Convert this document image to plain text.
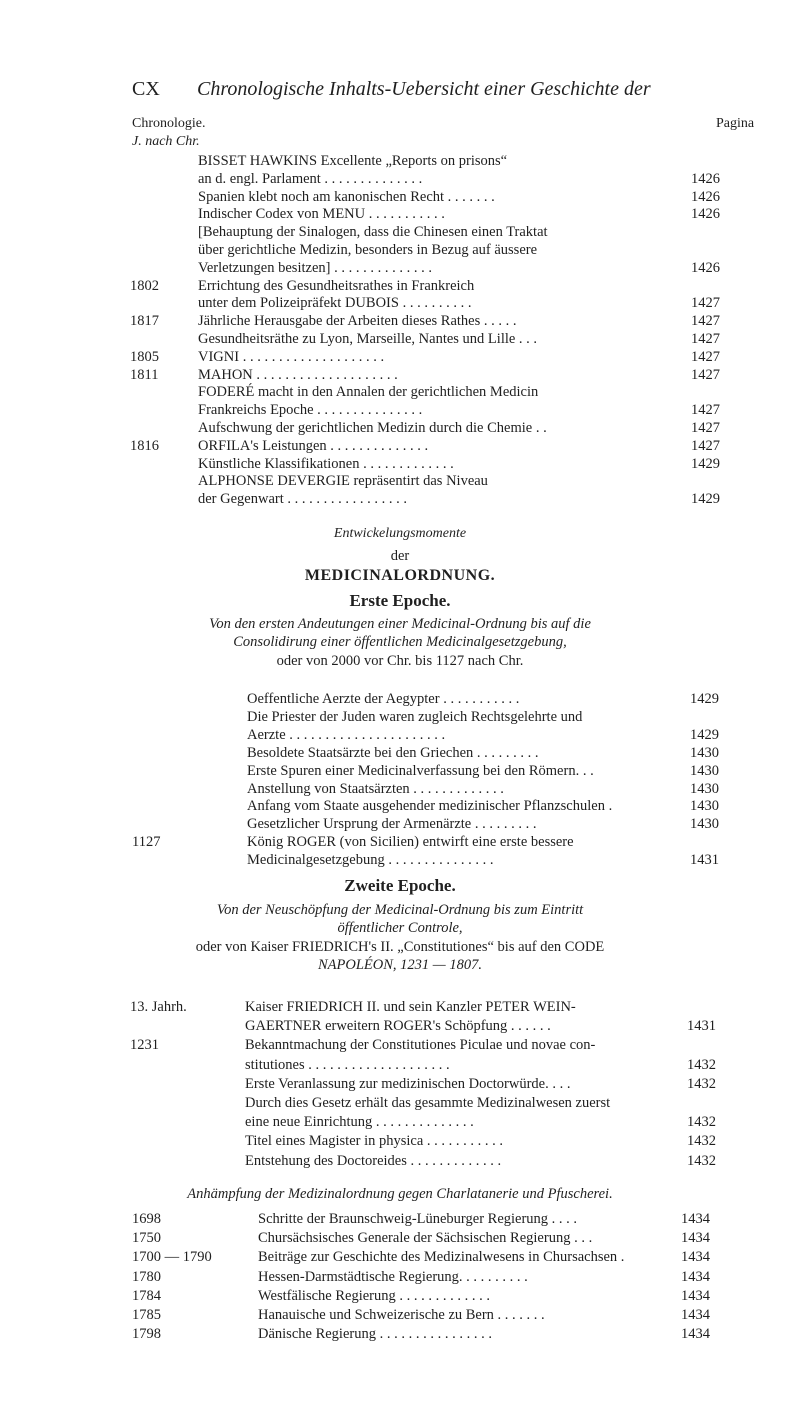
CX Chronologische Inhalts-Uebersicht einer Geschichte der
Chronologie.
J. nach Chr.
Pagina
BISSET HAWKINS Excellente „Reports on prisons“
an d. engl. Parlament . . . . . . . . . . . . . .	1426
Spanien klebt noch am kanonischen Recht . . . . . . .	1426
Indischer Codex von MENU . . . . . . . . . . .	1426
[Behauptung der Sinalogen, dass die Chinesen einen Traktat
über gerichtliche Medizin, besonders in Bezug auf äussere
Verletzungen besitzen] . . . . . . . . . . . . . .	1426
1802	Errichtung des Gesundheitsrathes in Frankreich
unter dem Polizeipräfekt DUBOIS . . . . . . . . . .	1427
1817	Jährliche Herausgabe der Arbeiten dieses Rathes . . . . .	1427
Gesundheitsräthe zu Lyon, Marseille, Nantes und Lille . . .	1427
1805	VIGNI . . . . . . . . . . . . . . . . . . . .	1427
1811	MAHON . . . . . . . . . . . . . . . . . . . .	1427
FODERÉ macht in den Annalen der gerichtlichen Medicin
Frankreichs Epoche . . . . . . . . . . . . . . .	1427
Aufschwung der gerichtlichen Medizin durch die Chemie . .	1427
1816	ORFILA's Leistungen . . . . . . . . . . . . . .	1427
Künstliche Klassifikationen . . . . . . . . . . . . .	1429
ALPHONSE DEVERGIE repräsentirt das Niveau
der Gegenwart . . . . . . . . . . . . . . . . .	1429
Entwickelungsmomente
der
MEDICINALORDNUNG.
Erste Epoche.
Von den ersten Andeutungen einer Medicinal-Ordnung bis auf die
Consolidirung einer öffentlichen Medicinalgesetzgebung,
oder von 2000 vor Chr. bis 1127 nach Chr.
Oeffentliche Aerzte der Aegypter . . . . . . . . . . .	1429
Die Priester der Juden waren zugleich Rechtsgelehrte und
Aerzte . . . . . . . . . . . . . . . . . . . . . .	1429
Besoldete Staatsärzte bei den Griechen . . . . . . . . .	1430
Erste Spuren einer Medicinalverfassung bei den Römern. . .	1430
Anstellung von Staatsärzten . . . . . . . . . . . . .	1430
Anfang vom Staate ausgehender medizinischer Pflanzschulen .	1430
Gesetzlicher Ursprung der Armenärzte . . . . . . . . .	1430
1127	König ROGER (von Sicilien) entwirft eine erste bessere
Medicinalgesetzgebung . . . . . . . . . . . . . . .	1431
Zweite Epoche.
Von der Neuschöpfung der Medicinal-Ordnung bis zum Eintritt
öffentlicher Controle,
oder von Kaiser FRIEDRICH's II. „Constitutiones“ bis auf den CODE
NAPOLÉON, 1231 — 1807.
13. Jahrh.	Kaiser FRIEDRICH II. und sein Kanzler PETER WEIN-
GAERTNER erweitern ROGER's Schöpfung . . . . . .	1431
1231	Bekanntmachung der Constitutiones Piculae und novae con-
stitutiones . . . . . . . . . . . . . . . . . . . .	1432
Erste Veranlassung zur medizinischen Doctorwürde. . . .	1432
Durch dies Gesetz erhält das gesammte Medizinalwesen zuerst
eine neue Einrichtung . . . . . . . . . . . . . .	1432
Titel eines Magister in physica . . . . . . . . . . .	1432
Entstehung des Doctoreides . . . . . . . . . . . . .	1432
Anhämpfung der Medizinalordnung gegen Charlatanerie und Pfuscherei.
1698	Schritte der Braunschweig-Lüneburger Regierung . . . .	1434
1750	Chursächsisches Generale der Sächsischen Regierung . . .	1434
1700 — 1790	Beiträge zur Geschichte des Medizinalwesens in Chursachsen .	1434
1780	Hessen-Darmstädtische Regierung. . . . . . . . . .	1434
1784	Westfälische Regierung . . . . . . . . . . . . .	1434
1785	Hanauische und Schweizerische zu Bern . . . . . . .	1434
1798	Dänische Regierung . . . . . . . . . . . . . . . .	1434
